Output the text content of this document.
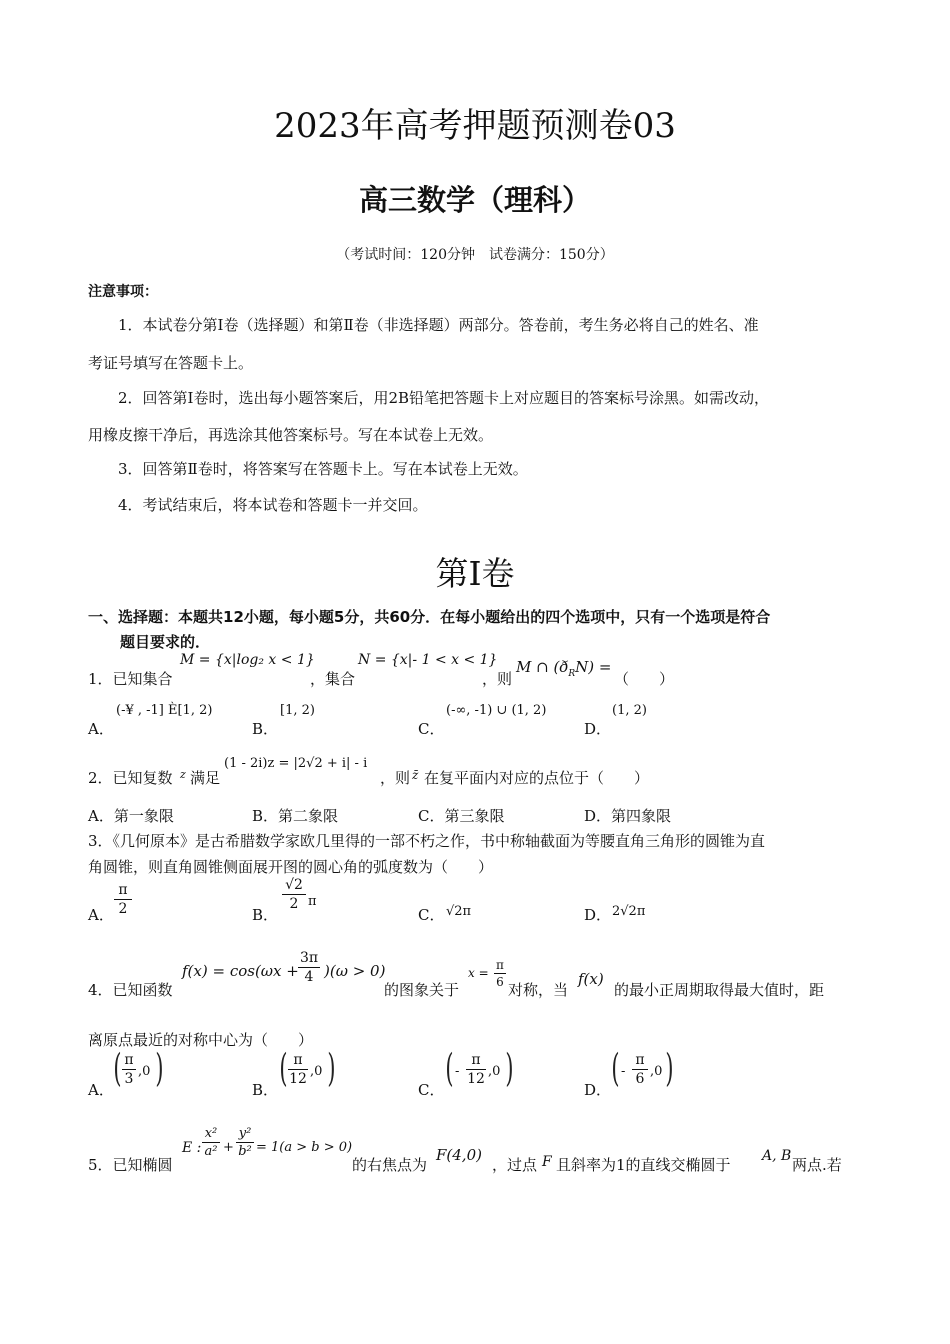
2023年高考押题预测卷03
高三数学（理科）
（考试时间：120分钟　试卷满分：150分）
注意事项：
1．本试卷分第Ⅰ卷（选择题）和第Ⅱ卷（非选择题）两部分。答卷前，考生务必将自己的姓名、准
考证号填写在答题卡上。
2．回答第Ⅰ卷时，选出每小题答案后，用2B铅笔把答题卡上对应题目的答案标号涂黑。如需改动，
用橡皮擦干净后，再选涂其他答案标号。写在本试卷上无效。
3．回答第Ⅱ卷时，将答案写在答题卡上。写在本试卷上无效。
4．考试结束后，将本试卷和答题卡一并交回。
第Ⅰ卷
一、选择题：本题共12小题，每小题5分，共60分．在每小题给出的四个选项中，只有一个选项是符合
题目要求的．
1．已知集合
M = {x|log₂ x < 1}
，集合
N = {x|- 1 < x < 1}
，则
M ∩ $(ð_RN)$ =
（　　）
A．
(-¥ , -1] È[1, 2)
B．
[1, 2)
C．
(-∞, -1) ∪ (1, 2)
D．
(1, 2)
2．已知复数 z 满足
(1 - 2i)z = |2√2 + i| - i
，则 z̄ 在复平面内对应的点位于（　　）
A．第一象限	B．第二象限	C．第三象限	D．第四象限
3．《几何原本》是古希腊数学家欧几里得的一部不朽之作，书中称轴截面为等腰直角三角形的圆锥为直
角圆锥，则直角圆锥侧面展开图的圆心角的弧度数为（　　）
A．
π
2	B．
√2
2 π
C． √2π	D． 2√2π
4．已知函数
f(x) = cos(ωx +
3π
4 )(ω > 0)
的图象关于
x =
π
6 对称，当
f(x)
的最小正周期取得最大值时，距
离原点最近的对称中心为（　　）
A． ( π
3 ,0 )	B． ( π
12 ,0 )	C． ( -
π
12 ,0 )	D． ( -
π
6 ,0 )
5．已知椭圆
E :
x²
a² +
y²
b² = 1(a > b > 0)
的右焦点为
F(4,0)
，过点 F 且斜率为1的直线交椭圆于 A, B 两点.若
